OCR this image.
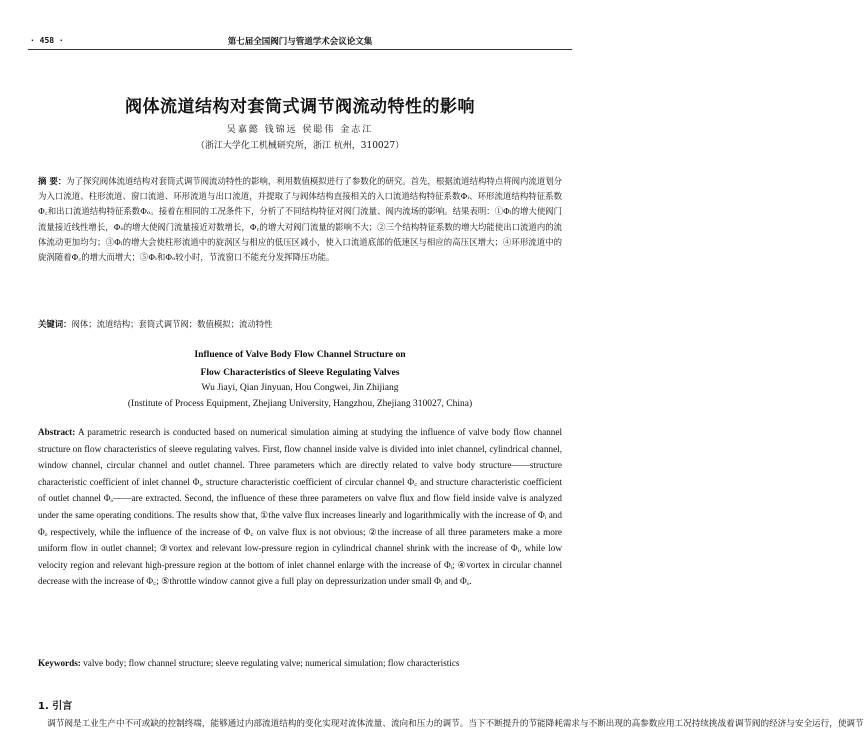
· 458 ·	第七届全国阀门与管道学术会议论文集
阀体流道结构对套筒式调节阀流动特性的影响
吴嘉懿 钱锦远 侯聪伟 金志江
（浙江大学化工机械研究所，浙江 杭州，310027）
摘 要：为了探究阀体流道结构对套筒式调节阀流动特性的影响，利用数值模拟进行了参数化的研究。首先，根据流道结构特点将阀内流道划分为入口流道、柱形流道、窗口流道、环形流道与出口流道，并提取了与阀体结构直接相关的入口流道结构特征系数Φᵢ、环形流道结构特征系数Φ꜀和出口流道结构特征系数Φₒ。接着在相同的工况条件下，分析了不同结构特征对阀门流量、阀内流场的影响。结果表明：①Φᵢ的增大使阀门流量接近线性增长，Φₒ的增大使阀门流量接近对数增长，Φ꜀的增大对阀门流量的影响不大；②三个结构特征系数的增大均能使出口流道内的流体流动更加均匀；③Φᵢ的增大会使柱形流道中的旋涡区与相应的低压区减小，使入口流道底部的低速区与相应的高压区增大；④环形流道中的旋涡随着Φ꜀的增大而增大；⑤Φᵢ和Φₒ较小时，节流窗口不能充分发挥降压功能。
关键词：阀体；流道结构；套筒式调节阀；数值模拟；流动特性
Influence of Valve Body Flow Channel Structure on
Flow Characteristics of Sleeve Regulating Valves
Wu Jiayi, Qian Jinyuan, Hou Congwei, Jin Zhijiang
(Institute of Process Equipment, Zhejiang University, Hangzhou, Zhejiang 310027, China)
Abstract: A parametric research is conducted based on numerical simulation aiming at studying the influence of valve body flow channel structure on flow characteristics of sleeve regulating valves. First, flow channel inside valve is divided into inlet channel, cylindrical channel, window channel, circular channel and outlet channel. Three parameters which are directly related to valve body structure——structure characteristic coefficient of inlet channel Φᵢ, structure characteristic coefficient of circular channel Φ꜀ and structure characteristic coefficient of outlet channel Φₒ——are extracted. Second, the influence of these three parameters on valve flux and flow field inside valve is analyzed under the same operating conditions. The results show that, ①the valve flux increases linearly and logarithmically with the increase of Φᵢ and Φₒ respectively, while the influence of the increase of Φ꜀ on valve flux is not obvious; ②the increase of all three parameters make a more uniform flow in outlet channel; ③vortex and relevant low-pressure region in cylindrical channel shrink with the increase of Φᵢ, while low velocity region and relevant high-pressure region at the bottom of inlet channel enlarge with the increase of Φᵢ; ④vortex in circular channel decrease with the increase of Φ꜀; ⑤throttle window cannot give a full play on depressurization under small Φᵢ and Φₒ.
Keywords: valve body; flow channel structure; sleeve regulating valve; numerical simulation; flow characteristics
1. 引言
调节阀是工业生产中不可或缺的控制终端，能够通过内部流道结构的变化实现对流体流量、流向和压力的调节。当下不断提升的节能降耗需求与不断出现的高参数应用工况持续挑战着调节阀的经济与安全运行，使调节
